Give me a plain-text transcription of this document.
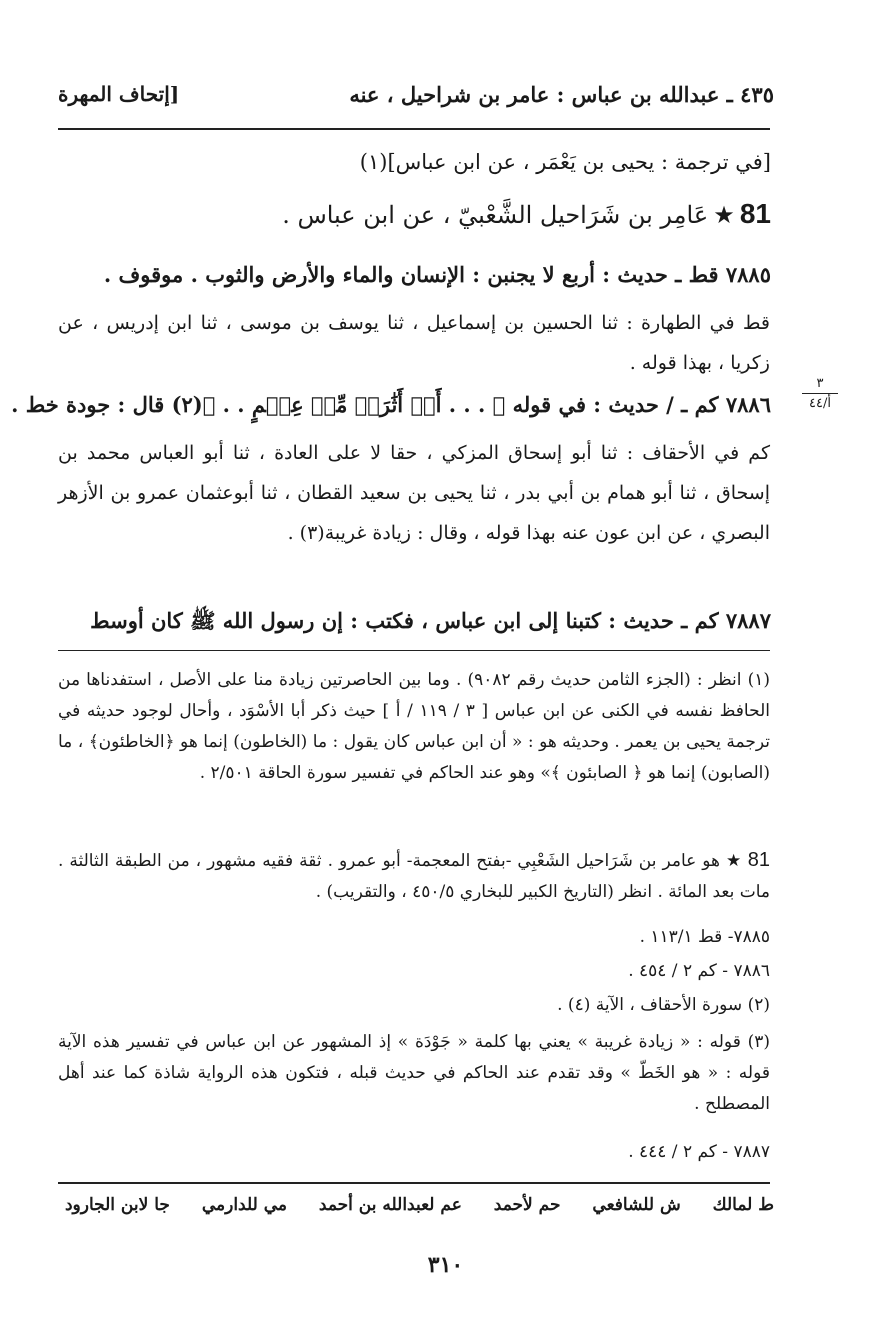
٤٣٥ ـ عبدالله بن عباس : عامر بن شراحيل ، عنه
[إتحاف المهرة
[في ترجمة : يحيى بن يَعْمَر ، عن ابن عباس](١)
81 ★ عَامِر بن شَرَاحيل الشَّعْبيّ ، عن ابن عباس .
٧٨٨٥ قط ـ حديث : أربع لا يجنبن : الإنسان والماء والأرض والثوب . موقوف .
قط في الطهارة : ثنا الحسين بن إسماعيل ، ثنا يوسف بن موسى ، ثنا ابن إدريس ، عن زكريا ، بهذا قوله .
٧٨٨٦ كم ـ / حديث : في قوله ﴿ . . . أَوۡ أَثَٰرَةٖ مِّنۡ عِلۡمٍ . . ﴾(٢) قال : جودة خط .
٣
أ/٤٤
كم في الأحقاف : ثنا أبو إسحاق المزكي ، حقا لا على العادة ، ثنا أبو العباس محمد بن إسحاق ، ثنا أبو همام بن أبي بدر ، ثنا يحيى بن سعيد القطان ، ثنا أبوعثمان عمرو بن الأزهر البصري ، عن ابن عون عنه بهذا قوله ، وقال : زيادة غريبة(٣) .
٧٨٨٧ كم ـ حديث : كتبنا إلى ابن عباس ، فكتب : إن رسول الله ﷺ كان أوسط
(١) انظر : (الجزء الثامن حديث رقم ٩٠٨٢) . وما بين الحاصرتين زيادة منا على الأصل ، استفدناها من الحافظ نفسه في الكنى عن ابن عباس [ ٣ / ١١٩ / أ ] حيث ذكر أبا الأسْوَد ، وأحال لوجود حديثه في ترجمة يحيى بن يعمر . وحديثه هو : « أن ابن عباس كان يقول : ما (الخاطون) إنما هو ﴿الخاطئون﴾ ، ما (الصابون) إنما هو ﴿ الصابئون ﴾» وهو عند الحاكم في تفسير سورة الحاقة ٢/٥٠١ .
81 ★ هو عامر بن شَرَاحيل الشَعْبِي -بفتح المعجمة- أبو عمرو . ثقة فقيه مشهور ، من الطبقة الثالثة . مات بعد المائة . انظر (التاريخ الكبير للبخاري ٤٥٠/٥ ، والتقريب) .
٧٨٨٥- قط ١١٣/١ .
٧٨٨٦ - كم ٢ / ٤٥٤ .
(٢) سورة الأحقاف ، الآية (٤) .
(٣) قوله : « زيادة غريبة » يعني بها كلمة « جَوْدَة » إذ المشهور عن ابن عباس في تفسير هذه الآية قوله : « هو الخَطّ » وقد تقدم عند الحاكم في حديث قبله ، فتكون هذه الرواية شاذة كما عند أهل المصطلح .
٧٨٨٧ - كم ٢ / ٤٤٤ .
ط لمالك ش للشافعي حم لأحمد عم لعبدالله بن أحمد مي للدارمي جا لابن الجارود
٣١٠
